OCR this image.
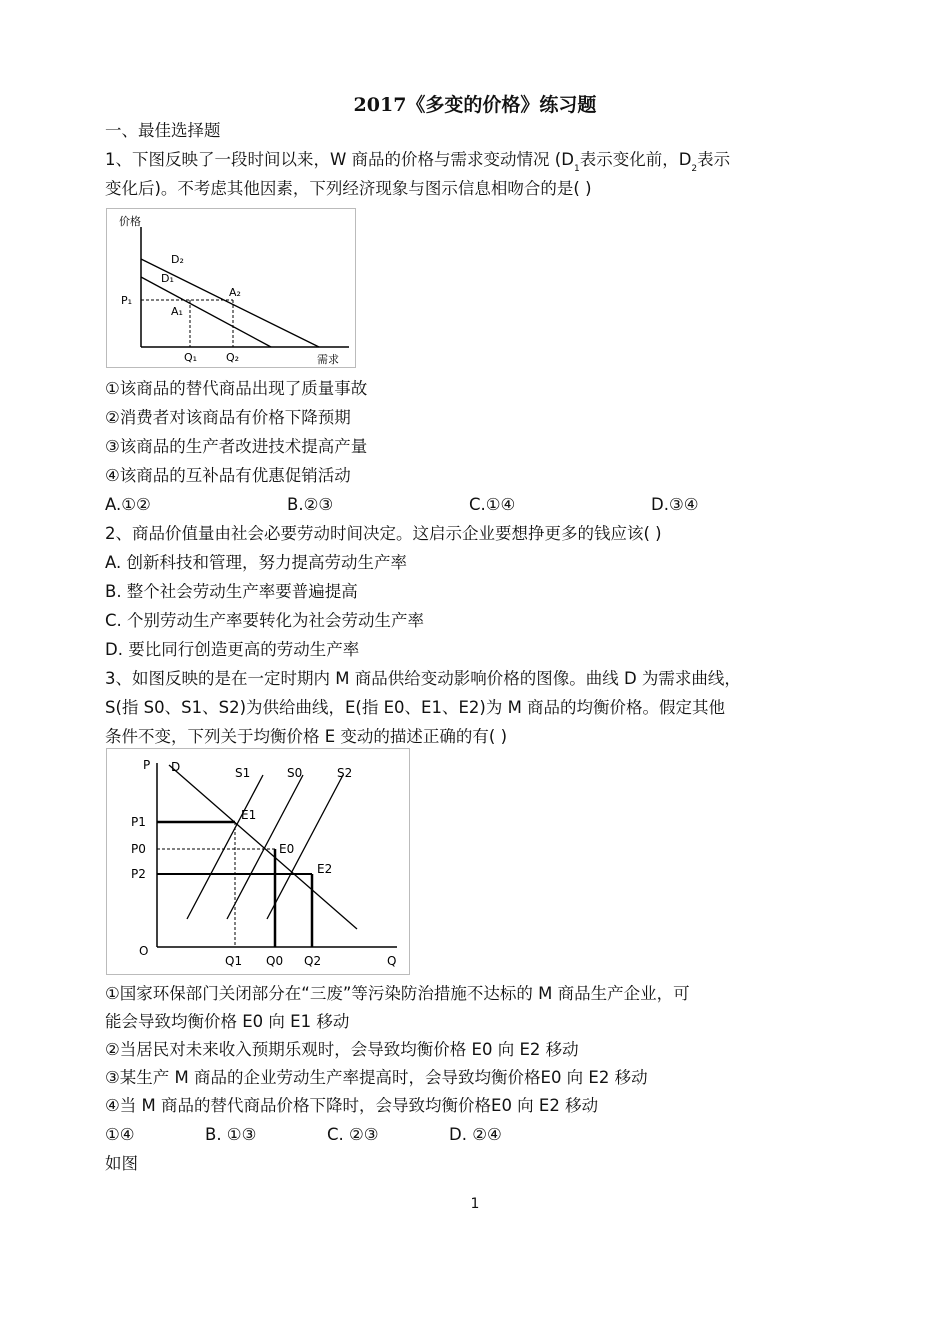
2017《多变的价格》练习题
一、最佳选择题
1、下图反映了一段时间以来，W 商品的价格与需求变动情况 ($D_1$表示变化前，$D_2$表示
变化后)。不考虑其他因素，下列经济现象与图示信息相吻合的是( )
价格
需求
D₂
D₁
P₁
A₂
A₁
Q₁	Q₂
①该商品的替代商品出现了质量事故
②消费者对该商品有价格下降预期
③该商品的生产者改进技术提高产量
④该商品的互补品有优惠促销活动
A.①②	B.②③	C.①④	D.③④
2、商品价值量由社会必要劳动时间决定。这启示企业要想挣更多的钱应该( )
A. 创新科技和管理，努力提高劳动生产率
B. 整个社会劳动生产率要普遍提高
C. 个别劳动生产率要转化为社会劳动生产率
D. 要比同行创造更高的劳动生产率
3、如图反映的是在一定时期内 M 商品供给变动影响价格的图像。曲线 D 为需求曲线，
S(指 S0、S1、S2)为供给曲线，E(指 E0、E1、E2)为 M 商品的均衡价格。假定其他
条件不变，下列关于均衡价格 E 变动的描述正确的有( )
P D	S1	S0	S2
P1
P0
P2
E1
E0
E2
O
Q1 Q0 Q2	Q
①国家环保部门关闭部分在“三废”等污染防治措施不达标的 M 商品生产企业，可
能会导致均衡价格 E0 向 E1 移动
②当居民对未来收入预期乐观时，会导致均衡价格 E0 向 E2 移动
③某生产 M 商品的企业劳动生产率提高时，会导致均衡价格E0 向 E2 移动
④当 M 商品的替代商品价格下降时，会导致均衡价格E0 向 E2 移动
①④	B. ①③	C. ②③	D. ②④
如图
1
